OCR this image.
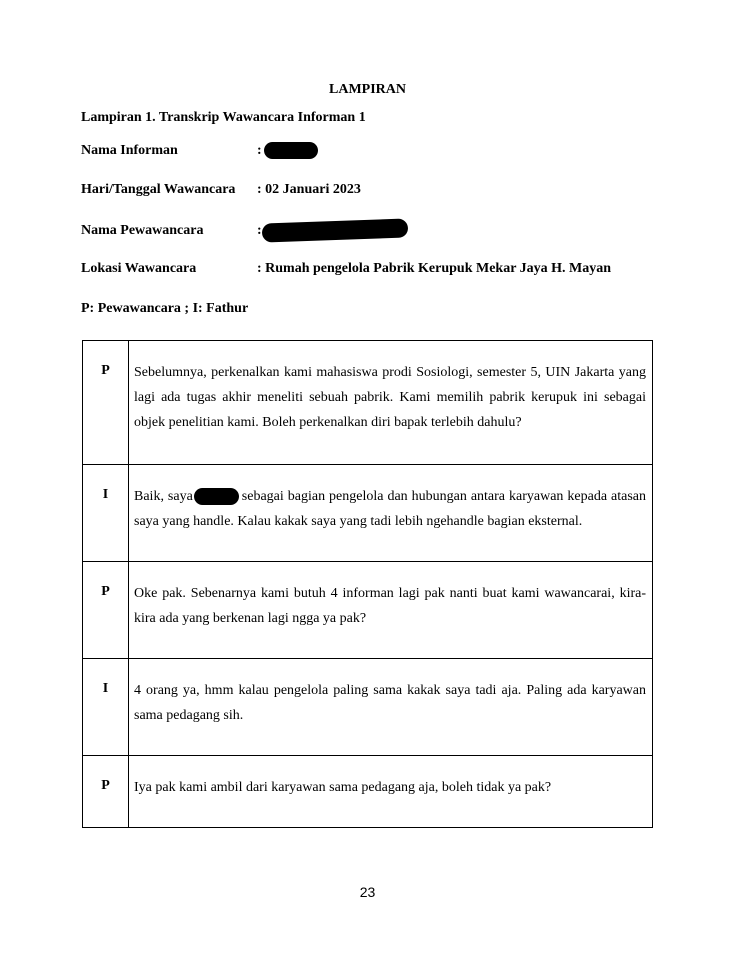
LAMPIRAN
Lampiran 1. Transkrip Wawancara Informan 1
Nama Informan	:
Hari/Tanggal Wawancara	: 02 Januari 2023
Nama Pewawancara	:
Lokasi Wawancara	: Rumah pengelola Pabrik Kerupuk Mekar Jaya H. Mayan
P: Pewawancara ; I: Fathur
P	Sebelumnya, perkenalkan kami mahasiswa prodi Sosiologi, semester 5, UIN Jakarta yang lagi ada tugas akhir meneliti sebuah pabrik. Kami memilih pabrik kerupuk ini sebagai objek penelitian kami. Boleh perkenalkan diri bapak terlebih dahulu?
I	Baik, saya sebagai bagian pengelola dan hubungan antara karyawan kepada atasan saya yang handle. Kalau kakak saya yang tadi lebih ngehandle bagian eksternal.
P	Oke pak. Sebenarnya kami butuh 4 informan lagi pak nanti buat kami wawancarai, kira-kira ada yang berkenan lagi ngga ya pak?
I	4 orang ya, hmm kalau pengelola paling sama kakak saya tadi aja. Paling ada karyawan sama pedagang sih.
P	Iya pak kami ambil dari karyawan sama pedagang aja, boleh tidak ya pak?
23
